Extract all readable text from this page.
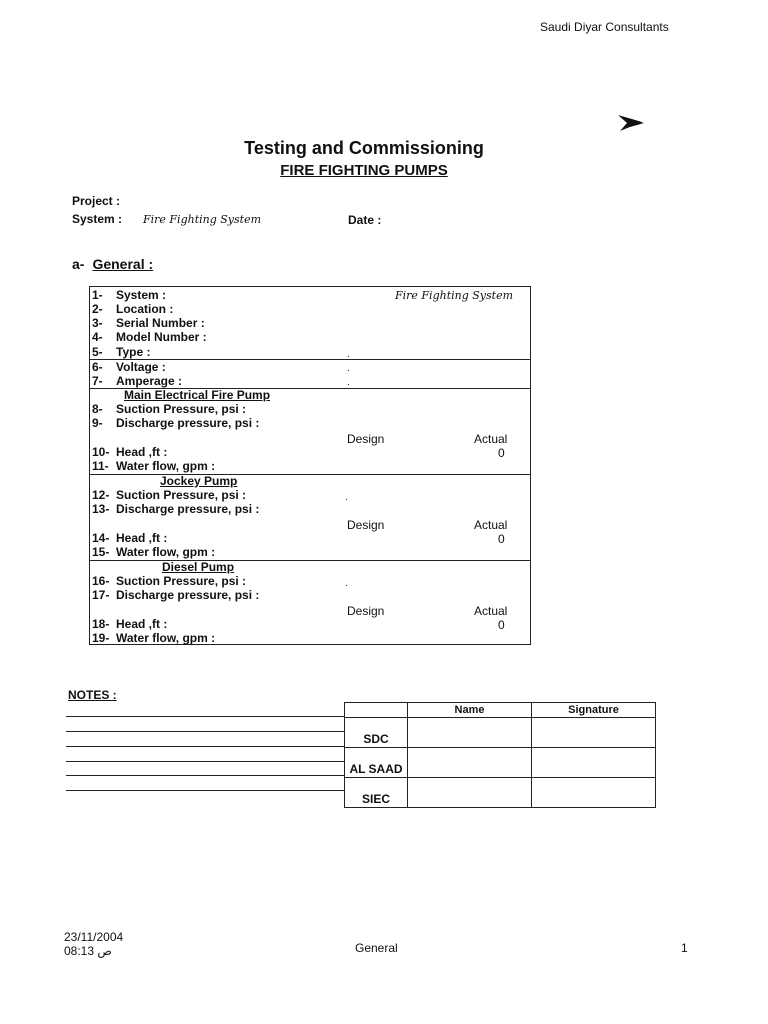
Saudi Diyar Consultants
Testing and Commissioning
FIRE FIGHTING PUMPS
Project :
System : Fire Fighting System	Date :
a- General :
1- System :	Fire Fighting System
2- Location :
3- Serial Number :
4- Model Number :
5- Type :	.
6- Voltage :	.
7- Amperage :	.
Main Electrical Fire Pump
8- Suction Pressure, psi :
9- Discharge pressure, psi :
Design	Actual
10- Head ,ft :	0
11- Water flow, gpm :
Jockey Pump
12- Suction Pressure, psi :	.
13- Discharge pressure, psi :
Design	Actual
14- Head ,ft :	0
15- Water flow, gpm :
Diesel Pump
16- Suction Pressure, psi :	.
17- Discharge pressure, psi :
Design	Actual
18- Head ,ft :	0
19- Water flow, gpm :
NOTES :
	Name	Signature
SDC		
AL SAAD		
SIEC		
23/11/2004
08:13 ص	General	1
